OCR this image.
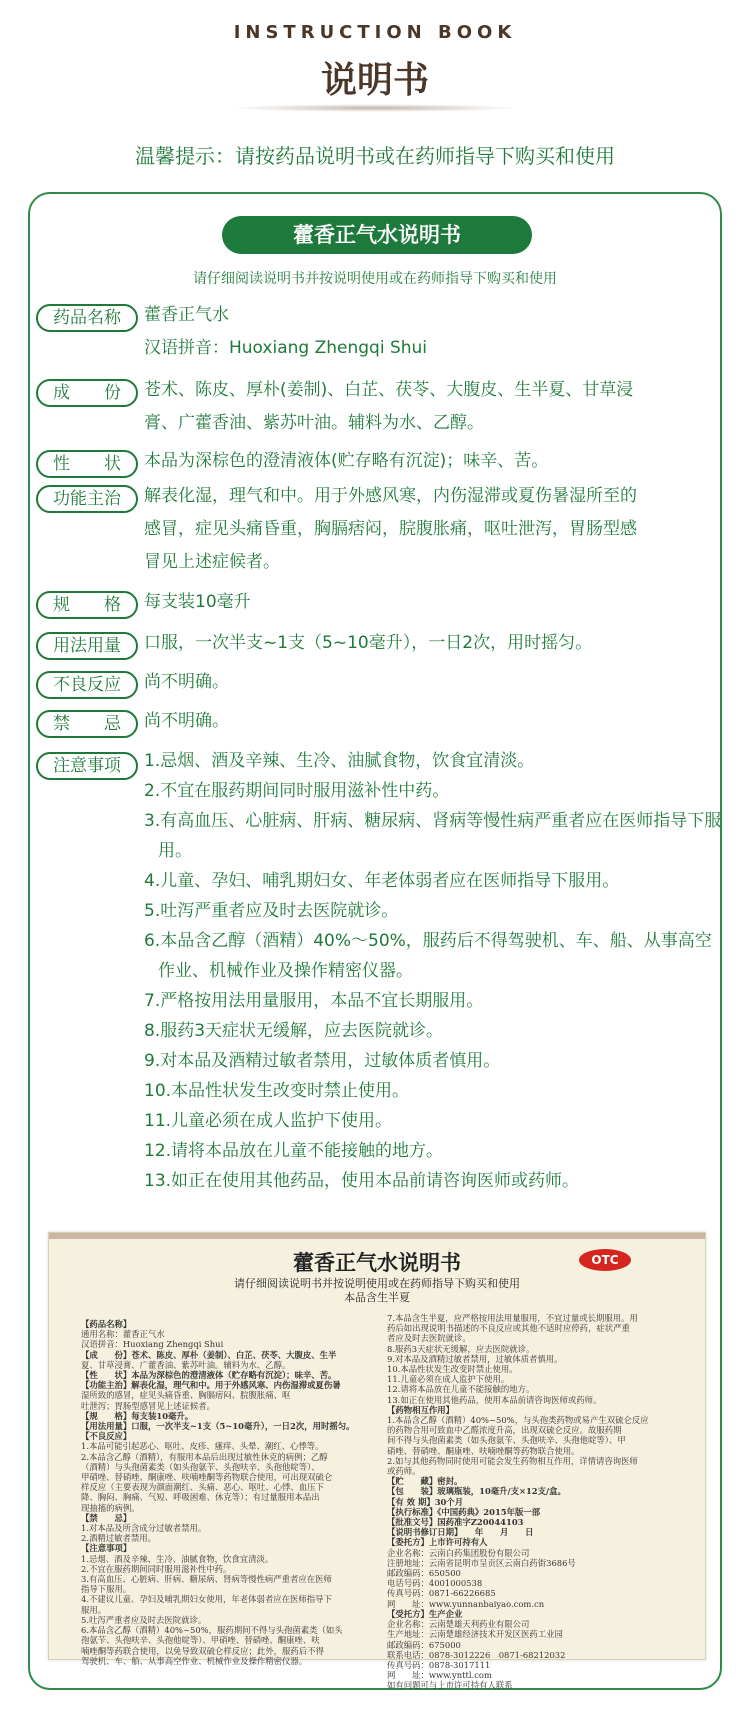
INSTRUCTION BOOK
说明书
温馨提示：请按药品说明书或在药师指导下购买和使用
藿香正气水说明书
请仔细阅读说明书并按说明使用或在药师指导下购买和使用
药品名称	藿香正气水
汉语拼音：Huoxiang Zhengqi Shui
成　　份	苍术、陈皮、厚朴(姜制)、白芷、茯苓、大腹皮、生半夏、甘草浸
膏、广藿香油、紫苏叶油。辅料为水、乙醇。
性　　状	本品为深棕色的澄清液体(贮存略有沉淀)；味辛、苦。
功能主治	解表化湿，理气和中。用于外感风寒，内伤湿滞或夏伤暑湿所至的
感冒，症见头痛昏重，胸膈痞闷，脘腹胀痛，呕吐泄泻，胃肠型感
冒见上述症候者。
规　　格	每支装10毫升
用法用量	口服，一次半支~1支（5~10毫升），一日2次，用时摇匀。
不良反应	尚不明确。
禁　　忌	尚不明确。
注意事项	1.忌烟、酒及辛辣、生冷、油腻食物，饮食宜清淡。
2.不宜在服药期间同时服用滋补性中药。
3.有高血压、心脏病、肝病、糖尿病、肾病等慢性病严重者应在医师指导下服用。
4.儿童、孕妇、哺乳期妇女、年老体弱者应在医师指导下服用。
5.吐泻严重者应及时去医院就诊。
6.本品含乙醇（酒精）40%～50%，服药后不得驾驶机、车、船、从事高空作业、机械作业及操作精密仪器。
7.严格按用法用量服用，本品不宜长期服用。
8.服药3天症状无缓解，应去医院就诊。
9.对本品及酒精过敏者禁用，过敏体质者慎用。
10.本品性状发生改变时禁止使用。
11.儿童必须在成人监护下使用。
12.请将本品放在儿童不能接触的地方。
13.如正在使用其他药品，使用本品前请咨询医师或药师。
藿香正气水说明书	OTC
请仔细阅读说明书并按说明使用或在药师指导下购买和使用
本品含生半夏
【药品名称】
通用名称：藿香正气水
汉语拼音：Huoxiang Zhengqi Shui
【成　　份】苍术、陈皮、厚朴（姜制）、白芷、茯苓、大腹皮、生半
夏、甘草浸膏、广藿香油、紫苏叶油。辅料为水、乙醇。
【性　　状】本品为深棕色的澄清液体（贮存略有沉淀）；味辛、苦。
【功能主治】解表化湿，理气和中。用于外感风寒、内伤湿滞或夏伤暑
湿所致的感冒，症见头痛昏重、胸膈痞闷、脘腹胀痛、呕
吐泄泻；胃肠型感冒见上述证候者。
【规　　格】每支装10毫升。
【用法用量】口服，一次半支~1支（5~10毫升），一日2次，用时摇匀。
【不良反应】
1.本品可能引起恶心、呕吐、皮疹、瘙痒、头晕、潮红、心悸等。
2.本品含乙醇（酒精），有服用本品后出现过敏性休克的病例；乙醇
（酒精）与头孢菌素类（如头孢氨苄、头孢呋辛、头孢他啶等）、
甲硝唑、替硝唑、酮康唑、呋喃唑酮等药物联合使用，可出现双硫仑
样反应（主要表现为颜面潮红、头痛、恶心、呕吐、心悸、血压下
降、胸闷、胸痛、气短、呼吸困难、休克等）；有过量服用本品出
现抽搐的病例。
【禁　　忌】
1.对本品及所含成分过敏者禁用。
2.酒精过敏者禁用。
【注意事项】
1.忌烟、酒及辛辣、生冷、油腻食物，饮食宜清淡。
2.不宜在服药期间同时服用滋补性中药。
3.有高血压、心脏病、肝病、糖尿病、肾病等慢性病严重者应在医师
指导下服用。
4.不建议儿童、孕妇及哺乳期妇女使用，年老体弱者应在医师指导下
服用。
5.吐泻严重者应及时去医院就诊。
6.本品含乙醇（酒精）40%~50%，服药期间不得与头孢菌素类（如头
孢氨苄、头孢呋辛、头孢他啶等）、甲硝唑、替硝唑、酮康唑、呋
喃唑酮等药联合使用，以免导致双硫仑样反应；此外，服药后不得
驾驶机、车、船、从事高空作业、机械作业及操作精密仪器。
7.本品含生半夏，应严格按用法用量服用，不宜过量或长期服用。用
药后如出现说明书描述的不良反应或其他不适时应停药，症状严重
者应及时去医院就诊。
8.服药3天症状无缓解，应去医院就诊。
9.对本品及酒精过敏者禁用，过敏体质者慎用。
10.本品性状发生改变时禁止使用。
11.儿童必须在成人监护下使用。
12.请将本品放在儿童不能接触的地方。
13.如正在使用其他药品，使用本品前请咨询医师或药师。
【药物相互作用】
1.本品含乙醇（酒精）40%~50%，与头孢类药物或易产生双硫仑反应
的药物合用可致血中乙醛浓度升高，出现双硫仑反应。故服药期
间不得与头孢菌素类（如头孢氨苄、头孢呋辛、头孢他啶等）、甲
硝唑、替硝唑、酮康唑、呋喃唑酮等药物联合使用。
2.如与其他药物同时使用可能会发生药物相互作用，详情请咨询医师
或药师。
【贮　　藏】密封。
【包　　装】玻璃瓶装，10毫升/支×12支/盒。
【有 效 期】30个月
【执行标准】《中国药典》2015年版一部
【批准文号】国药准字Z20044103
【说明书修订日期】　　年　　月　　日
【委托方】上市许可持有人
企业名称：云南白药集团股份有限公司
注册地址：云南省昆明市呈贡区云南白药街3686号
邮政编码：650500
电话号码：4001000538
传真号码：0871-66226685
网　　址：www.yunnanbaiyao.com.cn
【受托方】生产企业
企业名称：云南楚雄天利药业有限公司
生产地址：云南楚雄经济技术开发区医药工业园
邮政编码：675000
联系电话：0878-3012226　0871-68212032
传真号码：0878-3017111
网　　址：www.ynttl.com
如有问题可与上市许可持有人联系
